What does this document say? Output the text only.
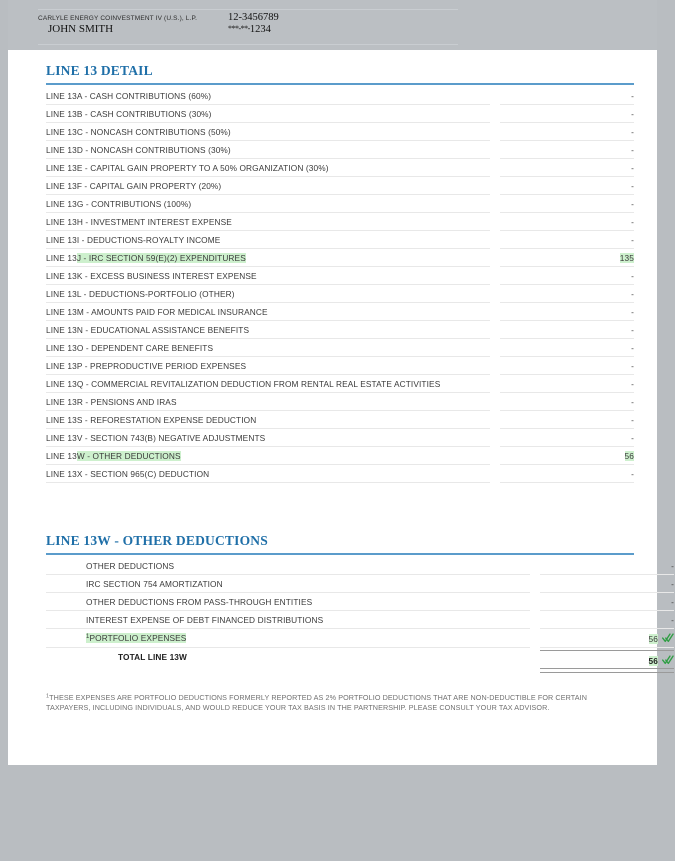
CARLYLE ENERGY COINVESTMENT IV (U.S.), L.P.	12-3456789
JOHN SMITH	***-**-1234
LINE 13 DETAIL
LINE 13A - CASH CONTRIBUTIONS (60%)		-
LINE 13B - CASH CONTRIBUTIONS (30%)		-
LINE 13C - NONCASH CONTRIBUTIONS (50%)		-
LINE 13D - NONCASH CONTRIBUTIONS (30%)		-
LINE 13E - CAPITAL GAIN PROPERTY TO A 50% ORGANIZATION (30%)		-
LINE 13F - CAPITAL GAIN PROPERTY (20%)		-
LINE 13G - CONTRIBUTIONS (100%)		-
LINE 13H - INVESTMENT INTEREST EXPENSE		-
LINE 13I - DEDUCTIONS-ROYALTY INCOME		-
LINE 13J - IRC SECTION 59(E)(2) EXPENDITURES		135
LINE 13K - EXCESS BUSINESS INTEREST EXPENSE		-
LINE 13L - DEDUCTIONS-PORTFOLIO (OTHER)		-
LINE 13M - AMOUNTS PAID FOR MEDICAL INSURANCE		-
LINE 13N - EDUCATIONAL ASSISTANCE BENEFITS		-
LINE 13O - DEPENDENT CARE BENEFITS		-
LINE 13P - PREPRODUCTIVE PERIOD EXPENSES		-
LINE 13Q - COMMERCIAL REVITALIZATION DEDUCTION FROM RENTAL REAL ESTATE ACTIVITIES		-
LINE 13R - PENSIONS AND IRAS		-
LINE 13S - REFORESTATION EXPENSE DEDUCTION		-
LINE 13V - SECTION 743(B) NEGATIVE ADJUSTMENTS		-
LINE 13W - OTHER DEDUCTIONS		56
LINE 13X - SECTION 965(C) DEDUCTION		-
LINE 13W - OTHER DEDUCTIONS
OTHER DEDUCTIONS		-
IRC SECTION 754 AMORTIZATION		-
OTHER DEDUCTIONS FROM PASS-THROUGH ENTITIES		-
INTEREST EXPENSE OF DEBT FINANCED DISTRIBUTIONS		-
$^1$PORTFOLIO EXPENSES		56

TOTAL LINE 13W		56
$^1$THESE EXPENSES ARE PORTFOLIO DEDUCTIONS FORMERLY REPORTED AS 2% PORTFOLIO DEDUCTIONS THAT ARE NON-DEDUCTIBLE FOR CERTAIN TAXPAYERS, INCLUDING INDIVIDUALS, AND WOULD REDUCE YOUR TAX BASIS IN THE PARTNERSHIP. PLEASE CONSULT YOUR TAX ADVISOR.
